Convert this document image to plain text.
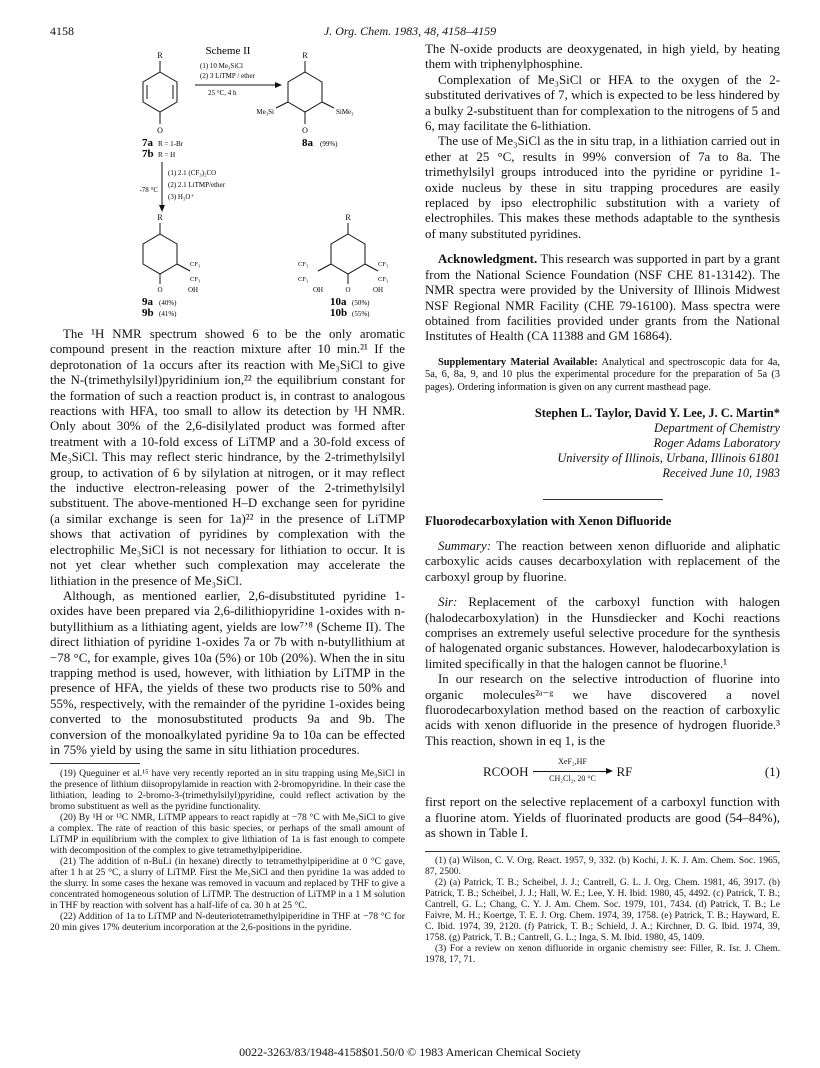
4158	J. Org. Chem. 1983, 48, 4158–4159
Scheme II
R
O
(1) 10 Me₃SiCl
(2) 3 LiTMP / ether
25 °C, 4 h
R
Me₃Si	SiMe₃
O
7a R = 1-Br
7b R = H
8a (99%)
-78 °C
(1) 2.1 (CF₃)₂CO
(2) 2.1 LiTMP/ether
(3) H₃O⁺
R
CF₃
CF₃
O	OH
R
CF₃
CF₃
CF₃
CF₃
OH	O	OH
9a (40%)
9b (41%)
10a (50%)
10b (55%)

The ¹H NMR spectrum showed 6 to be the only aromatic compound present in the reaction mixture after 10 min.²¹ If the deprotonation of 1a occurs after its reaction with Me₃SiCl to give the N-(trimethylsilyl)pyridinium ion,²² the equilibrium constant for the formation of such a reaction product is, in contrast to analogous reactions with HFA, too small to allow its detection by ¹H NMR. Only about 30% of the 2,6-disilylated product was formed after treatment with a 10-fold excess of LiTMP and a 30-fold excess of Me₃SiCl. This may reflect steric hindrance, by the 2-trimethylsilyl group, to activation of 6 by silylation at nitrogen, or it may reflect the inductive electron-releasing power of the 2-trimethylsilyl substituent. The above-mentioned H–D exchange seen for pyridine (a similar exchange is seen for 1a)²² in the presence of LiTMP shows that activation of pyridines by complexation with the electrophilic Me₃SiCl is not necessary for lithiation to occur. It is not yet clear whether such complexation may accelerate the lithiation in the presence of Me₃SiCl.

Although, as mentioned earlier, 2,6-disubstituted pyridine 1-oxides have been prepared via 2,6-dilithiopyridine 1-oxides with n-butyllithium as a lithiating agent, yields are low⁷ʼ⁸ (Scheme II). The direct lithiation of pyridine 1-oxides 7a or 7b with n-butyllithium at −78 °C, for example, gives 10a (5%) or 10b (20%). When the in situ trapping method is used, however, with lithiation by LiTMP in the presence of HFA, the yields of these two products rise to 50% and 55%, respectively, with the remainder of the pyridine 1-oxides being converted to the monosubstituted products 9a and 9b. The conversion of the monoalkylated pyridine 9a to 10a can be effected in 75% yield by using the same in situ lithiation procedures.

(19) Queguiner et al.¹⁵ have very recently reported an in situ trapping using Me₃SiCl in the presence of lithium diisopropylamide in reaction with 2-bromopyridine. In their case the lithiation, leading to 2-bromo-3-(trimethylsilyl)pyridine, could reflect activation by the bromo substituent as well as the pyridine functionality.

(20) By ¹H or ¹³C NMR, LiTMP appears to react rapidly at −78 °C with Me₃SiCl to give a complex. The rate of reaction of this basic species, or perhaps of the small amount of LiTMP in equilibrium with the complex to give lithiation of 1a is fast enough to compete with decomposition of the complex to give tetramethylpiperidine.

(21) The addition of n-BuLi (in hexane) directly to tetramethylpiperidine at 0 °C gave, after 1 h at 25 °C, a slurry of LiTMP. First the Me₃SiCl and then pyridine 1a was added to the slurry. In some cases the hexane was removed in vacuum and replaced by THF to give a concentrated homogeneous solution of LiTMP. The destruction of LiTMP in a 1 M solution in THF by reaction with solvent has a half-life of ca. 30 h at 25 °C.

(22) Addition of 1a to LiTMP and N-deuteriotetramethylpiperidine in THF at −78 °C for 20 min gives 17% deuterium incorporation at the 2,6-positions in the pyridine.

The N-oxide products are deoxygenated, in high yield, by heating them with triphenylphosphine.

Complexation of Me₃SiCl or HFA to the oxygen of the 2-substituted derivatives of 7, which is expected to be less hindered by a bulky 2-substituent than for complexation to the nitrogens of 5 and 6, may facilitate the 6-lithiation.

The use of Me₃SiCl as the in situ trap, in a lithiation carried out in ether at 25 °C, results in 99% conversion of 7a to 8a. The trimethylsilyl groups introduced into the pyridine or pyridine 1-oxide nucleus by these in situ trapping procedures are easily replaced by ipso electrophilic substitution with a variety of electrophiles. This makes these methods adaptable to the synthesis of many substituted pyridines.

Acknowledgment. This research was supported in part by a grant from the National Science Foundation (NSF CHE 81-13142). The NMR spectra were provided by the University of Illinois Midwest NSF Regional NMR Facility (CHE 79-16100). Mass spectra were obtained from facilities provided under grants from the National Institutes of Health (CA 11388 and GM 16864).

Supplementary Material Available: Analytical and spectroscopic data for 4a, 5a, 6, 8a, 9, and 10 plus the experimental procedure for the preparation of 5a (3 pages). Ordering information is given on any current masthead page.

Stephen L. Taylor, David Y. Lee, J. C. Martin*
Department of Chemistry
Roger Adams Laboratory
University of Illinois, Urbana, Illinois 61801
Received June 10, 1983
Fluorodecarboxylation with Xenon Difluoride

Summary: The reaction between xenon difluoride and aliphatic carboxylic acids causes decarboxylation with replacement of the carboxyl group by fluorine.

Sir: Replacement of the carboxyl function with halogen (halodecarboxylation) in the Hunsdiecker and Kochi reactions comprises an extremely useful selective procedure for the synthesis of halogenated organic substances. However, halodecarboxylation is limited specifically in that the halogen cannot be fluorine.¹

In our research on the selective introduction of fluorine into organic molecules²ᵃ⁻ᵍ we have discovered a novel fluorodecarboxylation method based on the reaction of carboxylic acids with xenon difluoride in the presence of hydrogen fluoride.³ This reaction, shown in eq 1, is the

RCOOH
XeF₂,HF
CH₂Cl₂, 20 °C	RF	(1)

first report on the selective replacement of a carboxyl function with a fluorine atom. Yields of fluorinated products are good (54–84%), as shown in Table I.

(1) (a) Wilson, C. V. Org. React. 1957, 9, 332. (b) Kochi, J. K. J. Am. Chem. Soc. 1965, 87, 2500.

(2) (a) Patrick, T. B.; Scheibel, J. J.; Cantrell, G. L. J. Org. Chem. 1981, 46, 3917. (b) Patrick, T. B.; Scheibel, J. J.; Hall, W. E.; Lee, Y. H. Ibid. 1980, 45, 4492. (c) Patrick, T. B.; Cantrell, G. L.; Chang, C. Y. J. Am. Chem. Soc. 1979, 101, 7434. (d) Patrick, T. B.; Le Faivre, M. H.; Koertge, T. E. J. Org. Chem. 1974, 39, 1758. (e) Patrick, T. B.; Hayward, E. C. Ibid. 1974, 39, 2120. (f) Patrick, T. B.; Schield, J. A.; Kirchner, D. G. Ibid. 1974, 39, 1758. (g) Patrick, T. B.; Cantrell, G. L.; Inga, S. M. Ibid. 1980, 45, 1409.

(3) For a review on xenon difluoride in organic chemistry see: Filler, R. Isr. J. Chem. 1978, 17, 71.

0022-3263/83/1948-4158$01.50/0 © 1983 American Chemical Society
